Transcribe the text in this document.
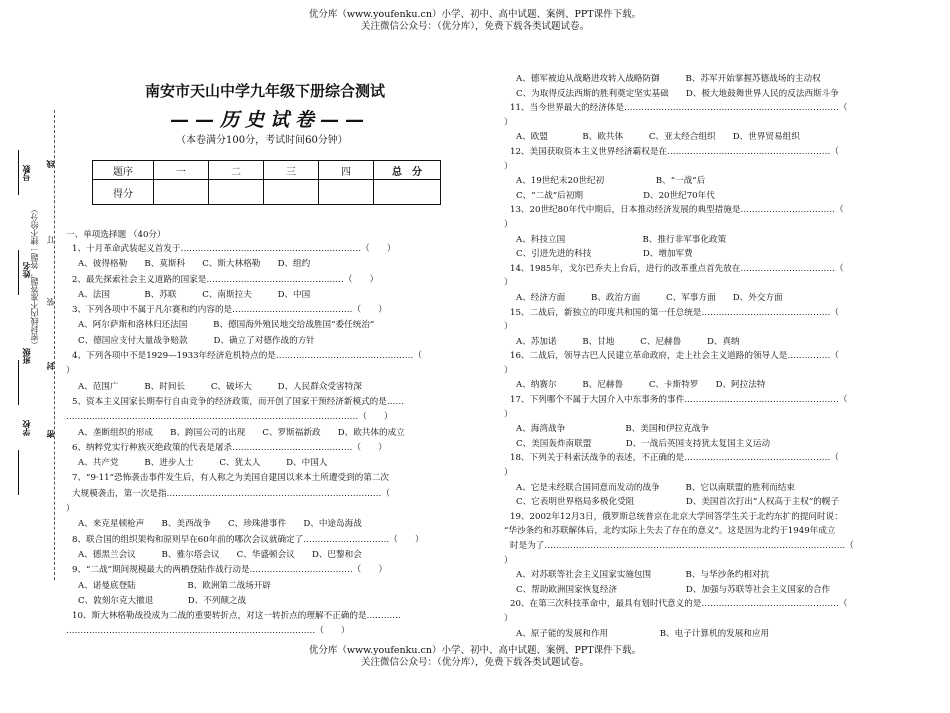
优分库（www.youfenku.cn）小学、初中、高中试题、案例、PPT课件下载。
关注微信公众号：（优分库），免费下载各类试题试卷。
号数
姓名
班级
学校
线
（密封线内不准答题，答题一律不给分） 订
装
封
密
南安市天山中学九年级下册综合测试
——历史试卷——
（本卷满分100分，考试时间60分钟）
题序	一	二	三	四	总　分
得分					
一、单项选择题 （40分）
1、十月革命武装起义首发于………………………………………………………（　　）
A、彼得格勒　　B、莫斯科　　C、斯大林格勒　　D、组约
2、最先探索社会主义道路的国家是…………………………………………（　　）
A、法国　　　　B、苏联　　　C、南斯拉夫　　　D、中国
3、下列各项中不属于凡尔赛和约内容的是……………………………………（　　）
A、阿尔萨斯和洛林归还法国　　　B、德国海外殖民地交给战胜国“委任统治”
C、德国应支付大量战争赔款　　　D、确立了对德作战的方针
4、下列各项中不是1929—1933年经济危机特点的是…………………………………………（
）
A、范围广　　　B、时间长　　　C、破坏大　　　D、人民群众受害特深
5、资本主义国家长期奉行自由竞争的经济政策，而开创了国家干预经济新模式的是……
…………………………………………………………………………………………（　　）
A、垄断组织的形成　　B、跨国公司的出现　　C、罗斯福新政　　D、欧共体的成立
6、纳粹党实行种族灭绝政策的代表是屠杀……………………………………（　　）
A、共产党　　　B、进步人士　　　C、犹太人　　　D、中国人
7、“9·11”恐怖袭击事件发生后，有人称之为美国自建国以来本土所遭受到的第二次
大规模袭击，第一次是指…………………………………………………………………（
）
A、来克星顿枪声　　B、美西战争　　C、珍珠港事件　　D、中途岛海战
8、联合国的组织架构和原则早在60年前的哪次会议就确定了…………………………（　　）
A、德黑兰会议　　　B、雅尔塔会议　　C、华盛顿会议　　D、巴黎和会
9、“二战”期间规模最大的两栖登陆作战行动是………………………………（　　）
A、诺曼底登陆　　　　　　B、欧洲第二战场开辟
C、敦刻尔克大撤退　　　　D、不列颠之战
10、斯大林格勒战役成为二战的重要转折点，对这一转折点的理解不正确的是…………
……………………………………………………………………………（　　）
A、德军被迫从战略进攻转入战略防御　　　B、苏军开始掌握苏德战场的主动权
C、为取得反法西斯的胜利奠定坚实基础　　D、极大地鼓舞世界人民的反法西斯斗争
11、当今世界最大的经济体是…………………………………………………………………（
）
A、欧盟　　　　B、欧共体　　　C、亚太经合组织　　D、世界贸易组织
12、美国获取资本主义世界经济霸权是在…………………………………………………（
）
A、19世纪末20世纪初　　　　　　B、“一战”后
C、“二战”后初期　　　　　　　D、20世纪70年代
13、20世纪80年代中期后，日本推动经济发展的典型措施是……………………………（
）
A、科技立国　　　　　　　　　B、推行非军事化政策
C、引进先进的科技　　　　　　D、增加军费
14、1985年，戈尔巴乔夫上台后，进行的改革重点首先放在……………………………（
）
A、经济方面　　　B、政治方面　　　C、军事方面　　D、外交方面
15、二战后，新独立的印度共和国的第一任总统是………………………………………（
）
A、苏加诺　　　B、甘地　　　C、尼赫鲁　　　D、真纳
16、二战后，领导古巴人民建立革命政府，走上社会主义道路的领导人是……………（
）
A、纳赛尔　　　B、尼赫鲁　　　C、卡斯特罗　　D、阿拉法特
17、下列哪个不属于大国介入中东事务的事件………………………………………………（
）
A、海湾战争　　　　　　　B、美国和伊拉克战争
C、美国轰炸南联盟　　　　D、一战后英国支持犹太复国主义运动
18、下列关于科索沃战争的表述，不正确的是……………………………………………（
）
A、它是未经联合国同意而发动的战争　　　B、它以南联盟的胜利而结束
C、它表明世界格局多极化受阻　　　　　　D、美国首次打出“人权高于主权”的幌子
19、2002年12月3日，俄罗斯总统普京在北京大学回答学生关于北约东扩的提问时说：
“华沙条约和苏联解体后，北约实际上失去了存在的意义”。这是因为北约于1949年成立
时是为了……………………………………………………………………………………………（
）
A、对苏联等社会主义国家实施包围　　　　B、与华沙条约相对抗
C、帮助欧洲国家恢复经济　　　　　　　　D、加强与苏联等社会主义国家的合作
20、在第三次科技革命中，最具有划时代意义的是…………………………………………（
）
A、原子能的发展和作用　　　　　　B、电子计算机的发展和应用
优分库（www.youfenku.cn）小学、初中、高中试题、案例、PPT课件下载。
关注微信公众号：（优分库），免费下载各类试题试卷。
